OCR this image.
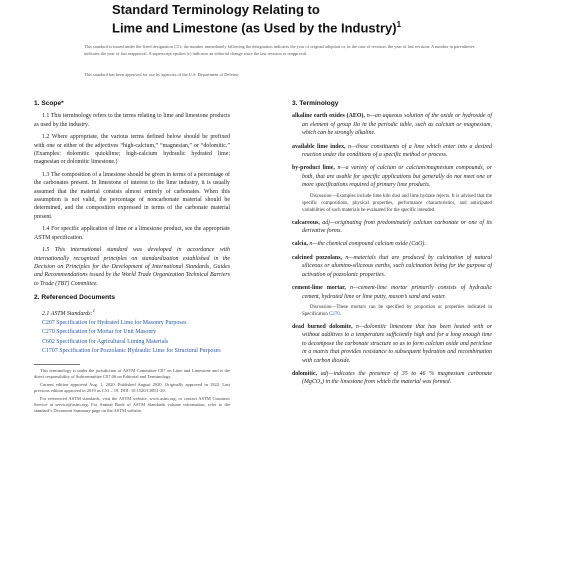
Standard Terminology Relating to
Lime and Limestone (as Used by the Industry)$^1$
This standard is issued under the fixed designation C51; the number immediately following the designation indicates the year of original adoption or, in the case of revision, the year of last revision. A number in parentheses indicates the year of last reapproval. A superscript epsilon (ε) indicates an editorial change since the last revision or reapproval.
This standard has been approved for use by agencies of the U.S. Department of Defense.
1. Scope*

1.1 This terminology refers to the terms relating to lime and limestone products as used by the industry.

1.2 Where appropriate, the various terms defined below should be prefixed with one or either of the adjectives “high-calcium,” “magnesian,” or “dolomitic.” (Examples: dolomitic quicklime; high-calcium hydraulic hydrated lime; magnesian or dolomitic limestone.)

1.3 The composition of a limestone should be given in terms of a percentage of the carbonates present. In limestone of interest to the lime industry, it is usually assumed that the material consists almost entirely of carbonates. When this assumption is not valid, the percentage of noncarbonate material should be determined, and the composition expressed in terms of the carbonate material present.

1.4 For specific application of lime or a limestone product, see the appropriate ASTM specification.

1.5 This international standard was developed in accordance with internationally recognized principles on standardization established in the Decision on Principles for the Development of International Standards, Guides and Recommendations issued by the World Trade Organization Technical Barriers to Trade (TBT) Committee.

2. Referenced Documents
2.1 ASTM Standards:$^2$
C207 Specification for Hydrated Lime for Masonry Purposes
C270 Specification for Mortar for Unit Masonry
C602 Specification for Agricultural Liming Materials
C1707 Specification for Pozzolanic Hydraulic Lime for Structural Purposes

This terminology is under the jurisdiction of ASTM Committee C07 on Lime and Limestone and is the direct responsibility of Subcommittee C07.06 on Editorial and Terminology.

Current edition approved Aug. 1, 2020. Published August 2020. Originally approved in 1922. Last previous edition approved in 2019 as C51 – 19. DOI: 10.1520/C0051-20.

For referenced ASTM standards, visit the ASTM website, www.astm.org, or contact ASTM Customer Service at service@astm.org. For Annual Book of ASTM Standards volume information, refer to the standard’s Document Summary page on the ASTM website.

3. Terminology

alkaline earth oxides (AEO), n—an aqueous solution of the oxide or hydroxide of an element of group IIa in the periodic table, such as calcium or magnesium, which can be strongly alkaline.

available lime index, n—those constituents of a lime which enter into a desired reaction under the conditions of a specific method or process.

by-product lime, n—a variety of calcium or calcium/magnesium compounds, or both, that are usable for specific applications but generally do not meet one or more specifications required of primary lime products.

Discussion—Examples include lime kiln dust and lime hydrate rejects. It is advised that the specific compositions, physical properties, performance characteristics, and anticipated variabilities of such materials be evaluated for the specific intended.

calcareous, adj—originating from predominately calcium carbonate or one of its derivative forms.

calcia, n—the chemical compound calcium oxide (CaO).

calcined pozzolans, n—materials that are produced by calcination of natural siliceous or alumino-siliceous earths, such calcination being for the purpose of activation of pozzolanic properties.

cement-lime mortar, n—cement-lime mortar primarily consists of hydraulic cement, hydrated lime or lime putty, mason’s sand and water.

Discussion—These mortars can be specified by proportion or properties indicated in Specification C270.

dead burned dolomite, n—dolomitic limestone that has been heated with or without additives to a temperature sufficiently high and for a long enough time to decompose the carbonate structure so as to form calcium oxide and periclase in a matrix that provides resistance to subsequent hydration and recombination with carbon dioxide.

dolomitic, adj—indicates the presence of 35 to 46 % magnesium carbonate (MgCO₃) in the limestone from which the material was formed.
